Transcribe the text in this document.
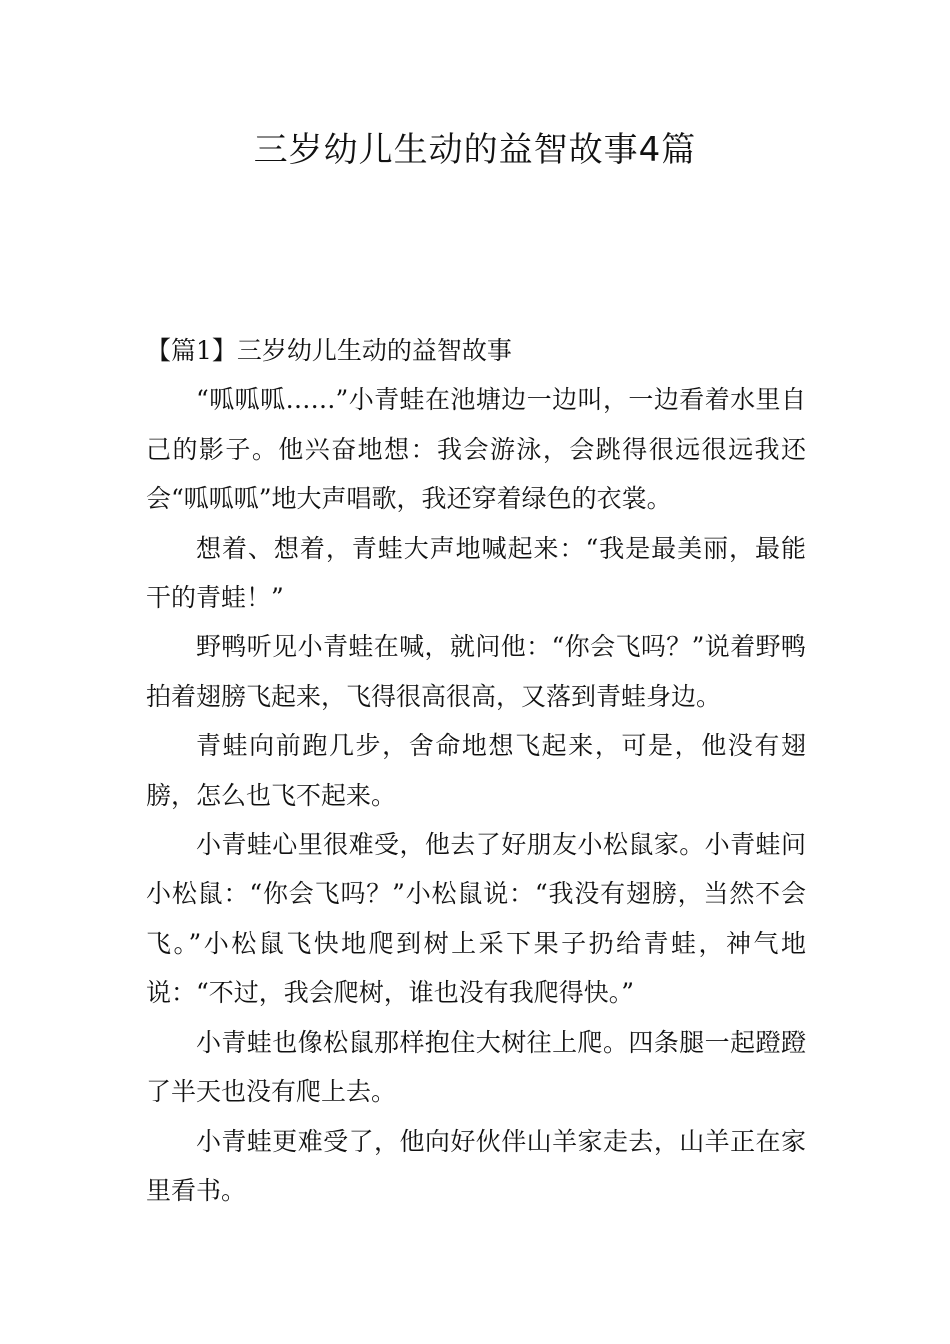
三岁幼儿生动的益智故事4篇
【篇1】三岁幼儿生动的益智故事

“呱呱呱……”小青蛙在池塘边一边叫，一边看着水里自己的影子。他兴奋地想：我会游泳，会跳得很远很远我还会“呱呱呱”地大声唱歌，我还穿着绿色的衣裳。

想着、想着，青蛙大声地喊起来：“我是最美丽，最能干的青蛙！”

野鸭听见小青蛙在喊，就问他：“你会飞吗？”说着野鸭拍着翅膀飞起来，飞得很高很高，又落到青蛙身边。

青蛙向前跑几步，舍命地想飞起来，可是，他没有翅膀，怎么也飞不起来。

小青蛙心里很难受，他去了好朋友小松鼠家。小青蛙问小松鼠：“你会飞吗？”小松鼠说：“我没有翅膀，当然不会飞。”小松鼠飞快地爬到树上采下果子扔给青蛙，神气地说：“不过，我会爬树，谁也没有我爬得快。”

小青蛙也像松鼠那样抱住大树往上爬。四条腿一起蹬蹬了半天也没有爬上去。

小青蛙更难受了，他向好伙伴山羊家走去，山羊正在家里看书。
